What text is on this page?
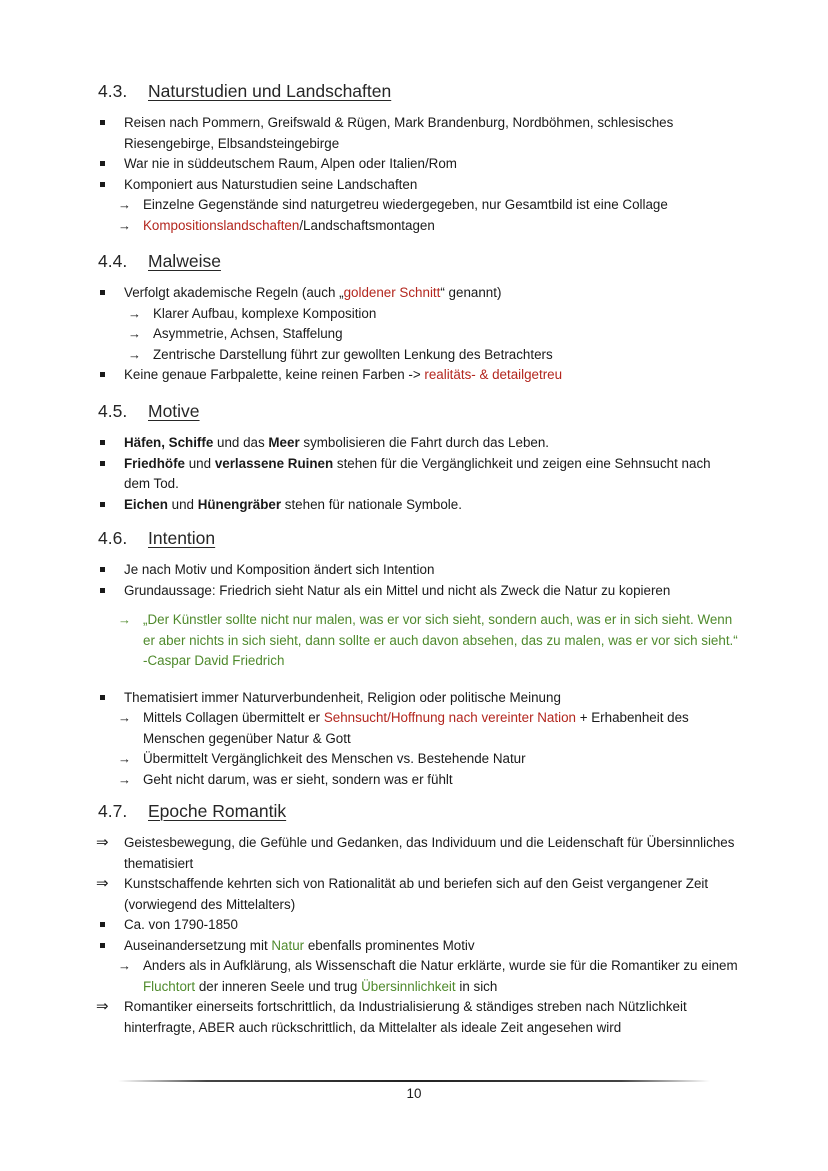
4.3.	Naturstudien und Landschaften
Reisen nach Pommern, Greifswald & Rügen, Mark Brandenburg, Nordböhmen, schlesisches Riesengebirge, Elbsandsteingebirge
War nie in süddeutschem Raum, Alpen oder Italien/Rom
Komponiert aus Naturstudien seine Landschaften
→ Einzelne Gegenstände sind naturgetreu wiedergegeben, nur Gesamtbild ist eine Collage
→ Kompositionslandschaften/Landschaftsmontagen
4.4.	Malweise
Verfolgt akademische Regeln (auch „goldener Schnitt“ genannt)
→ Klarer Aufbau, komplexe Komposition
→ Asymmetrie, Achsen, Staffelung
→ Zentrische Darstellung führt zur gewollten Lenkung des Betrachters
Keine genaue Farbpalette, keine reinen Farben -> realitäts- & detailgetreu
4.5.	Motive
Häfen, Schiffe und das Meer symbolisieren die Fahrt durch das Leben.
Friedhöfe und verlassene Ruinen stehen für die Vergänglichkeit und zeigen eine Sehnsucht nach dem Tod.
Eichen und Hünengräber stehen für nationale Symbole.
4.6.	Intention
Je nach Motiv und Komposition ändert sich Intention
Grundaussage: Friedrich sieht Natur als ein Mittel und nicht als Zweck die Natur zu kopieren
→ „Der Künstler sollte nicht nur malen, was er vor sich sieht, sondern auch, was er in sich sieht. Wenn er aber nichts in sich sieht, dann sollte er auch davon absehen, das zu malen, was er vor sich sieht.“ -Caspar David Friedrich
Thematisiert immer Naturverbundenheit, Religion oder politische Meinung
→ Mittels Collagen übermittelt er Sehnsucht/Hoffnung nach vereinter Nation + Erhabenheit des Menschen gegenüber Natur & Gott
→ Übermittelt Vergänglichkeit des Menschen vs. Bestehende Natur
→ Geht nicht darum, was er sieht, sondern was er fühlt
4.7.	Epoche Romantik
⇒ Geistesbewegung, die Gefühle und Gedanken, das Individuum und die Leidenschaft für Übersinnliches thematisiert
⇒ Kunstschaffende kehrten sich von Rationalität ab und beriefen sich auf den Geist vergangener Zeit (vorwiegend des Mittelalters)
Ca. von 1790-1850
Auseinandersetzung mit Natur ebenfalls prominentes Motiv
→ Anders als in Aufklärung, als Wissenschaft die Natur erklärte, wurde sie für die Romantiker zu einem Fluchtort der inneren Seele und trug Übersinnlichkeit in sich
⇒ Romantiker einerseits fortschrittlich, da Industrialisierung & ständiges streben nach Nützlichkeit hinterfragte, ABER auch rückschrittlich, da Mittelalter als ideale Zeit angesehen wird
10
